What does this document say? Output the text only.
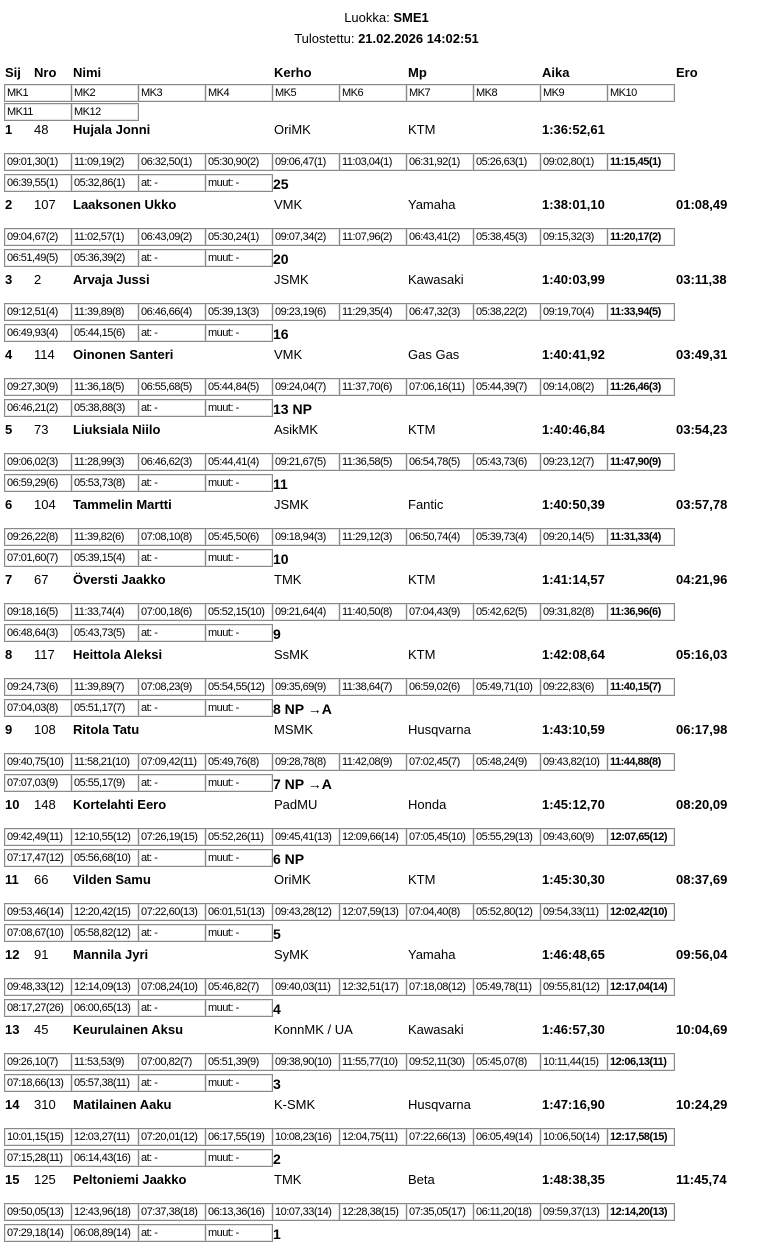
Luokka: SME1
Tulostettu: 21.02.2026 14:02:51
Sij Nro Nimi	Kerho	Mp	Aika	Ero
MK1	MK2	MK3	MK4	MK5	MK6	MK7	MK8	MK9	MK10
MK11	MK12
1 48 Hujala Jonni	OriMK	KTM	1:36:52,61
09:01,30(1)	11:09,19(2)	06:32,50(1)	05:30,90(2)	09:06,47(1)	11:03,04(1)	06:31,92(1)	05:26,63(1)	09:02,80(1)	11:15,45(1)
06:39,55(1)	05:32,86(1)	at: -	muut: -	25
2 107 Laaksonen Ukko	VMK	Yamaha	1:38:01,10	01:08,49
09:04,67(2)	11:02,57(1)	06:43,09(2)	05:30,24(1)	09:07,34(2)	11:07,96(2)	06:43,41(2)	05:38,45(3)	09:15,32(3)	11:20,17(2)
06:51,49(5)	05:36,39(2)	at: -	muut: -	20
3 2 Arvaja Jussi	JSMK	Kawasaki	1:40:03,99	03:11,38
09:12,51(4)	11:39,89(8)	06:46,66(4)	05:39,13(3)	09:23,19(6)	11:29,35(4)	06:47,32(3)	05:38,22(2)	09:19,70(4)	11:33,94(5)
06:49,93(4)	05:44,15(6)	at: -	muut: -	16
4 114 Oinonen Santeri	VMK	Gas Gas	1:40:41,92	03:49,31
09:27,30(9)	11:36,18(5)	06:55,68(5)	05:44,84(5)	09:24,04(7)	11:37,70(6)	07:06,16(11)	05:44,39(7)	09:14,08(2)	11:26,46(3)
06:46,21(2)	05:38,88(3)	at: -	muut: -	13 NP
5 73 Liuksiala Niilo	AsikMK	KTM	1:40:46,84	03:54,23
09:06,02(3)	11:28,99(3)	06:46,62(3)	05:44,41(4)	09:21,67(5)	11:36,58(5)	06:54,78(5)	05:43,73(6)	09:23,12(7)	11:47,90(9)
06:59,29(6)	05:53,73(8)	at: -	muut: -	11
6 104 Tammelin Martti	JSMK	Fantic	1:40:50,39	03:57,78
09:26,22(8)	11:39,82(6)	07:08,10(8)	05:45,50(6)	09:18,94(3)	11:29,12(3)	06:50,74(4)	05:39,73(4)	09:20,14(5)	11:31,33(4)
07:01,60(7)	05:39,15(4)	at: -	muut: -	10
7 67 Översti Jaakko	TMK	KTM	1:41:14,57	04:21,96
09:18,16(5)	11:33,74(4)	07:00,18(6)	05:52,15(10) 09:21,64(4)	11:40,50(8)	07:04,43(9)	05:42,62(5)	09:31,82(8)	11:36,96(6)
06:48,64(3)	05:43,73(5)	at: -	muut: -	9
8 117 Heittola Aleksi	SsMK	KTM	1:42:08,64	05:16,03
09:24,73(6)	11:39,89(7)	07:08,23(9)	05:54,55(12) 09:35,69(9)	11:38,64(7)	06:59,02(6)	05:49,71(10) 09:22,83(6)	11:40,15(7)
07:04,03(8)	05:51,17(7)	at: -	muut: -	8 NP →A
9 108 Ritola Tatu	MSMK	Husqvarna	1:43:10,59	06:17,98
09:40,75(10) 11:58,21(10)	07:09,42(11)	05:49,76(8)	09:28,78(8)	11:42,08(9)	07:02,45(7)	05:48,24(9)	09:43,82(10) 11:44,88(8)
07:07,03(9)	05:55,17(9)	at: -	muut: -	7 NP →A
10 148 Kortelahti Eero	PadMU	Honda	1:45:12,70	08:20,09
09:42,49(11)	12:10,55(12) 07:26,19(15) 05:52,26(11)	09:45,41(13) 12:09,66(14) 07:05,45(10) 05:55,29(13) 09:43,60(9)	12:07,65(12)
07:17,47(12) 05:56,68(10) at: -	muut: -	6 NP
11 66 Vilden Samu	OriMK	KTM	1:45:30,30	08:37,69
09:53,46(14) 12:20,42(15) 07:22,60(13) 06:01,51(13) 09:43,28(12) 12:07,59(13) 07:04,40(8)	05:52,80(12) 09:54,33(11)	12:02,42(10)
07:08,67(10) 05:58,82(12) at: -	muut: -	5
12 91 Mannila Jyri	SyMK	Yamaha	1:46:48,65	09:56,04
09:48,33(12) 12:14,09(13) 07:08,24(10) 05:46,82(7)	09:40,03(11)	12:32,51(17) 07:18,08(12) 05:49,78(11)	09:55,81(12) 12:17,04(14)
08:17,27(26) 06:00,65(13) at: -	muut: -	4
13 45 Keurulainen Aksu	KonnMK / UA	Kawasaki	1:46:57,30	10:04,69
09:26,10(7)	11:53,53(9)	07:00,82(7)	05:51,39(9)	09:38,90(10) 11:55,77(10)	09:52,11(30)	05:45,07(8)	10:11,44(15)	12:06,13(11)
07:18,66(13) 05:57,38(11)	at: -	muut: -	3
14 310 Matilainen Aaku	K-SMK	Husqvarna	1:47:16,90	10:24,29
10:01,15(15) 12:03,27(11)	07:20,01(12) 06:17,55(19) 10:08,23(16) 12:04,75(11)	07:22,66(13) 06:05,49(14) 10:06,50(14) 12:17,58(15)
07:15,28(11)	06:14,43(16) at: -	muut: -	2
15 125 Peltoniemi Jaakko	TMK	Beta	1:48:38,35	11:45,74
09:50,05(13) 12:43,96(18) 07:37,38(18) 06:13,36(16) 10:07,33(14) 12:28,38(15) 07:35,05(17) 06:11,20(18)	09:59,37(13) 12:14,20(13)
07:29,18(14) 06:08,89(14) at: -	muut: -	1
